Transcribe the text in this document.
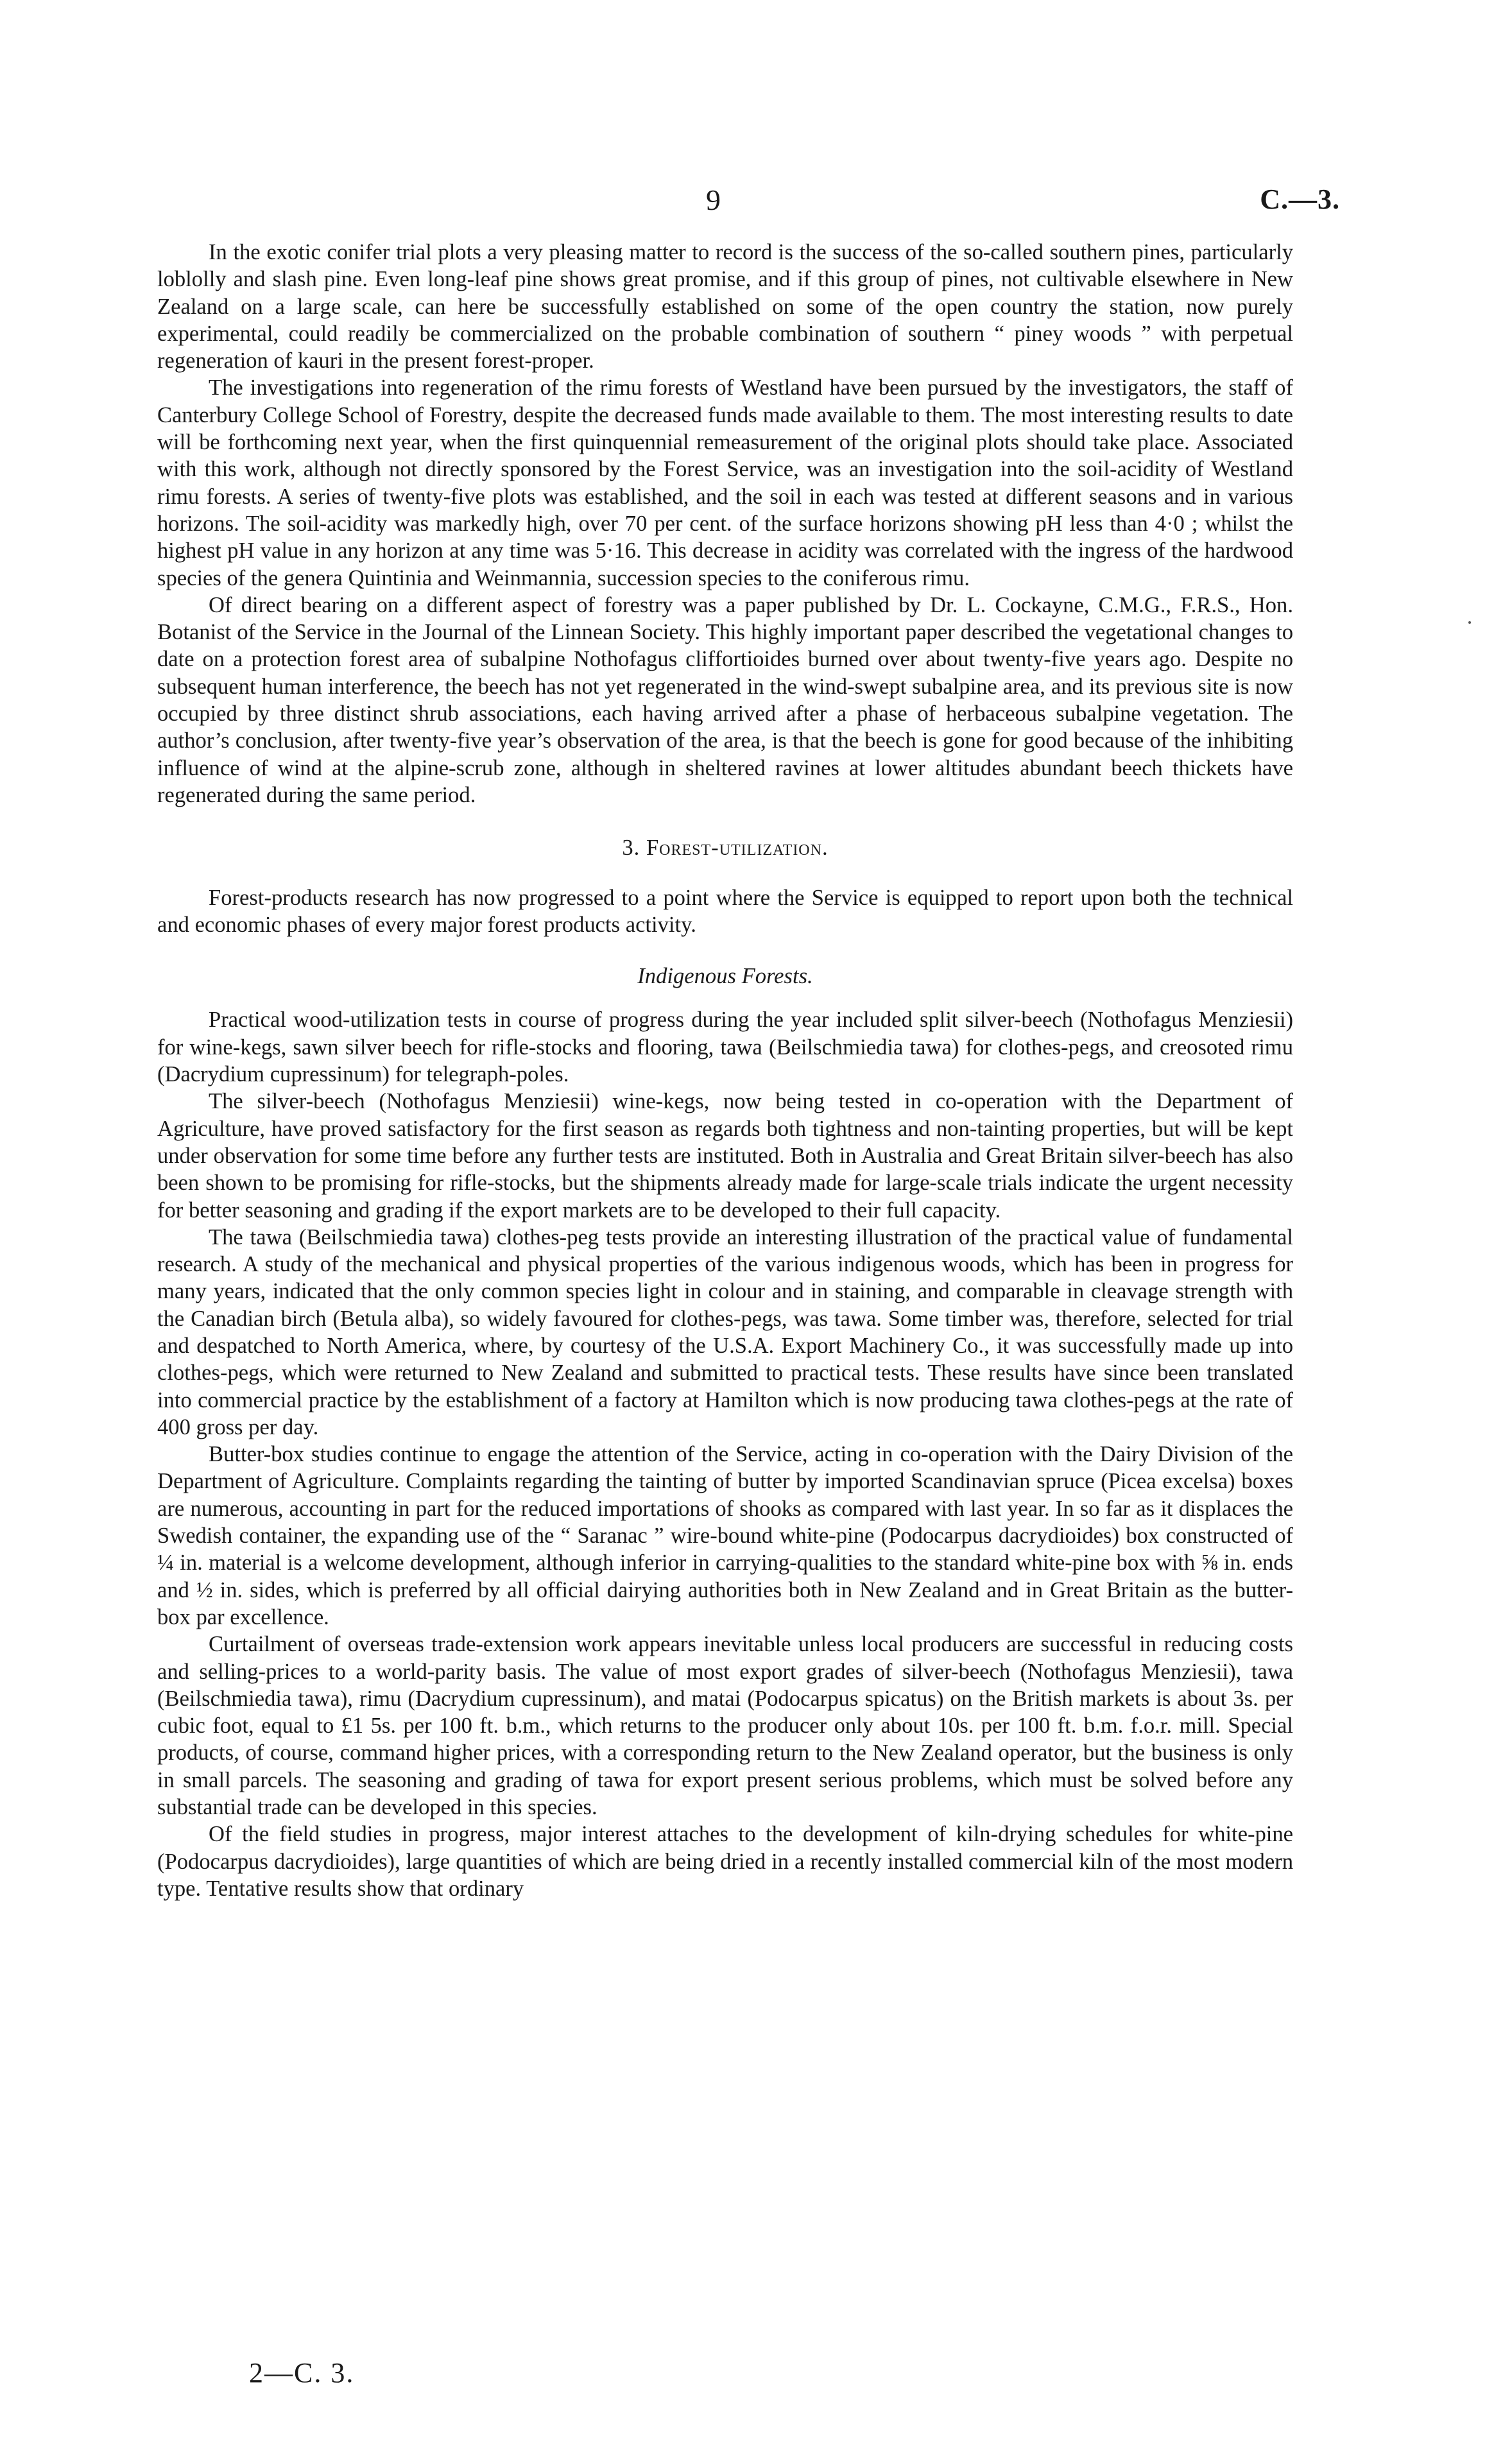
9	C.—3.

In the exotic conifer trial plots a very pleasing matter to record is the success of the so-called southern pines, particularly loblolly and slash pine. Even long-leaf pine shows great promise, and if this group of pines, not cultivable elsewhere in New Zealand on a large scale, can here be successfully established on some of the open country the station, now purely experimental, could readily be commercialized on the probable combination of southern “ piney woods ” with perpetual regeneration of kauri in the present forest-proper.

The investigations into regeneration of the rimu forests of Westland have been pursued by the investigators, the staff of Canterbury College School of Forestry, despite the decreased funds made available to them. The most interesting results to date will be forthcoming next year, when the first quinquennial remeasurement of the original plots should take place. Associated with this work, although not directly sponsored by the Forest Service, was an investigation into the soil-acidity of Westland rimu forests. A series of twenty-five plots was established, and the soil in each was tested at different seasons and in various horizons. The soil-acidity was markedly high, over 70 per cent. of the surface horizons showing pH less than 4·0 ; whilst the highest pH value in any horizon at any time was 5·16. This decrease in acidity was correlated with the ingress of the hardwood species of the genera Quintinia and Weinmannia, succession species to the coniferous rimu.

Of direct bearing on a different aspect of forestry was a paper published by Dr. L. Cockayne, C.M.G., F.R.S., Hon. Botanist of the Service in the Journal of the Linnean Society. This highly important paper described the vegetational changes to date on a protection forest area of subalpine Nothofagus cliffortioides burned over about twenty-five years ago. Despite no subsequent human interference, the beech has not yet regenerated in the wind-swept subalpine area, and its previous site is now occupied by three distinct shrub associations, each having arrived after a phase of herbaceous subalpine vegetation. The author’s conclusion, after twenty-five year’s observation of the area, is that the beech is gone for good because of the inhibiting influence of wind at the alpine-scrub zone, although in sheltered ravines at lower altitudes abundant beech thickets have regenerated during the same period.

3. Forest-utilization.

Forest-products research has now progressed to a point where the Service is equipped to report upon both the technical and economic phases of every major forest products activity.

Indigenous Forests.

Practical wood-utilization tests in course of progress during the year included split silver-beech (Nothofagus Menziesii) for wine-kegs, sawn silver beech for rifle-stocks and flooring, tawa (Beilschmiedia tawa) for clothes-pegs, and creosoted rimu (Dacrydium cupressinum) for telegraph-poles.

The silver-beech (Nothofagus Menziesii) wine-kegs, now being tested in co-operation with the Department of Agriculture, have proved satisfactory for the first season as regards both tightness and non-tainting properties, but will be kept under observation for some time before any further tests are instituted. Both in Australia and Great Britain silver-beech has also been shown to be promising for rifle-stocks, but the shipments already made for large-scale trials indicate the urgent necessity for better seasoning and grading if the export markets are to be developed to their full capacity.

The tawa (Beilschmiedia tawa) clothes-peg tests provide an interesting illustration of the practical value of fundamental research. A study of the mechanical and physical properties of the various indigenous woods, which has been in progress for many years, indicated that the only common species light in colour and in staining, and comparable in cleavage strength with the Canadian birch (Betula alba), so widely favoured for clothes-pegs, was tawa. Some timber was, therefore, selected for trial and despatched to North America, where, by courtesy of the U.S.A. Export Machinery Co., it was successfully made up into clothes-pegs, which were returned to New Zealand and submitted to practical tests. These results have since been translated into commercial practice by the establishment of a factory at Hamilton which is now producing tawa clothes-pegs at the rate of 400 gross per day.

Butter-box studies continue to engage the attention of the Service, acting in co-operation with the Dairy Division of the Department of Agriculture. Complaints regarding the tainting of butter by imported Scandinavian spruce (Picea excelsa) boxes are numerous, accounting in part for the reduced importations of shooks as compared with last year. In so far as it displaces the Swedish container, the expanding use of the “ Saranac ” wire-bound white-pine (Podocarpus dacrydioides) box constructed of ¼ in. material is a welcome development, although inferior in carrying-qualities to the standard white-pine box with ⅝ in. ends and ½ in. sides, which is preferred by all official dairying authorities both in New Zealand and in Great Britain as the butter-box par excellence.

Curtailment of overseas trade-extension work appears inevitable unless local producers are successful in reducing costs and selling-prices to a world-parity basis. The value of most export grades of silver-beech (Nothofagus Menziesii), tawa (Beilschmiedia tawa), rimu (Dacrydium cupressinum), and matai (Podocarpus spicatus) on the British markets is about 3s. per cubic foot, equal to £1 5s. per 100 ft. b.m., which returns to the producer only about 10s. per 100 ft. b.m. f.o.r. mill. Special products, of course, command higher prices, with a corresponding return to the New Zealand operator, but the business is only in small parcels. The seasoning and grading of tawa for export present serious problems, which must be solved before any substantial trade can be developed in this species.

Of the field studies in progress, major interest attaches to the development of kiln-drying schedules for white-pine (Podocarpus dacrydioides), large quantities of which are being dried in a recently installed commercial kiln of the most modern type. Tentative results show that ordinary

2—C. 3.
